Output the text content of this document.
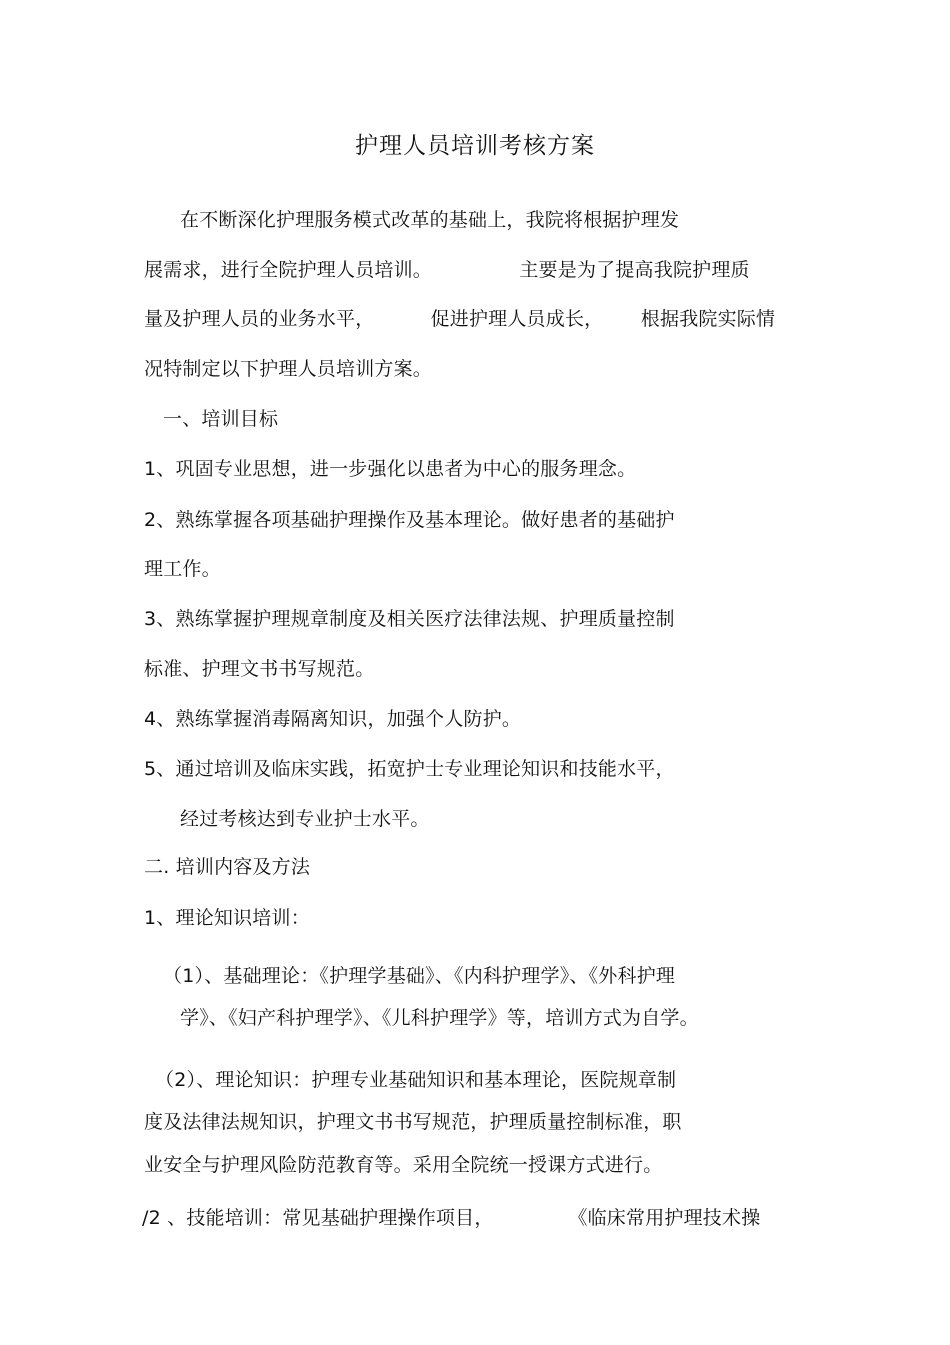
护理人员培训考核方案
在不断深化护理服务模式改革的基础上，我院将根据护理发
展需求，进行全院护理人员培训。              主要是为了提高我院护理质
量及护理人员的业务水平，         促进护理人员成长，      根据我院实际情
况特制定以下护理人员培训方案。
一、培训目标
1、巩固专业思想，进一步强化以患者为中心的服务理念。
2、熟练掌握各项基础护理操作及基本理论。做好患者的基础护
理工作。
3、熟练掌握护理规章制度及相关医疗法律法规、护理质量控制
标准、护理文书书写规范。
4、熟练掌握消毒隔离知识，加强个人防护。
5、通过培训及临床实践，拓宽护士专业理论知识和技能水平，
经过考核达到专业护士水平。
二. 培训内容及方法
1、理论知识培训：
（1）、基础理论：《护理学基础》、《内科护理学》、《外科护理
学》、《妇产科护理学》、《儿科护理学》等，培训方式为自学。
（2）、理论知识：护理专业基础知识和基本理论，医院规章制
度及法律法规知识，护理文书书写规范，护理质量控制标准，职
业安全与护理风险防范教育等。采用全院统一授课方式进行。
/2 、技能培训：常见基础护理操作项目，            《临床常用护理技术操
